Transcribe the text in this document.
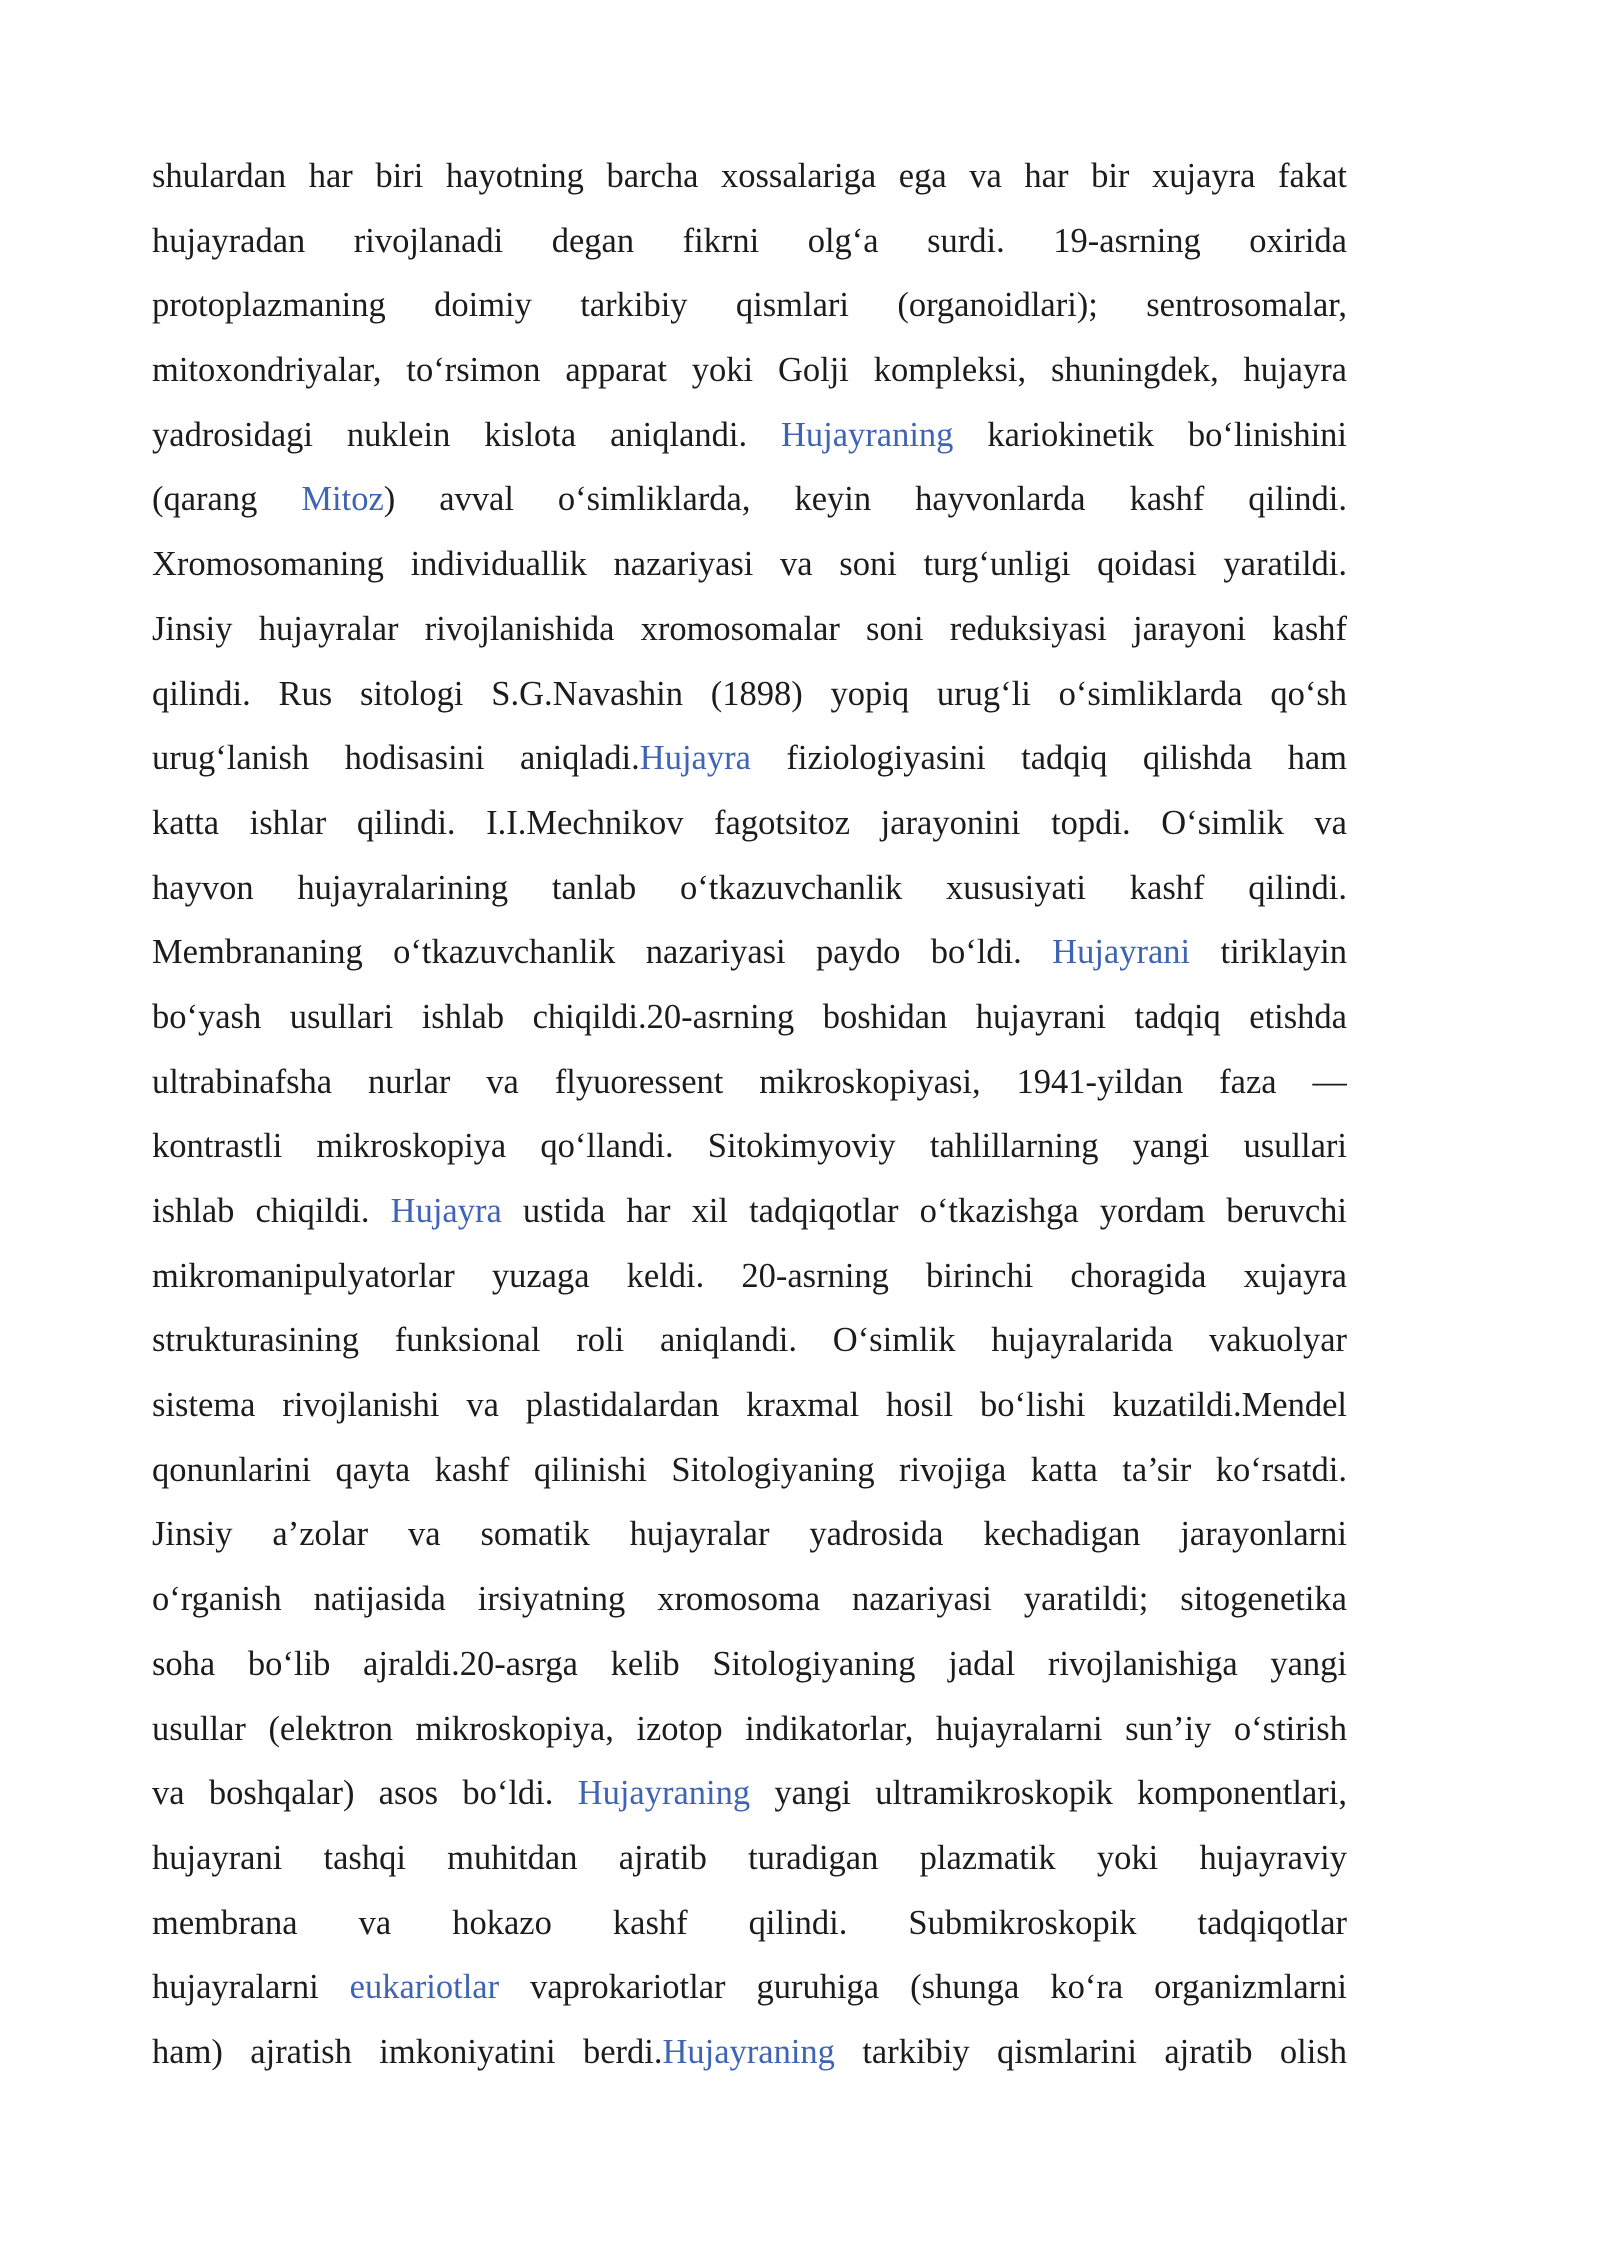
shulardan har biri hayotning barcha xossalariga ega va har bir xujayra fakat
hujayradan rivojlanadi degan fikrni olg‘a surdi. 19-asrning oxirida
protoplazmaning doimiy tarkibiy qismlari (organoidlari); sentrosomalar,
mitoxondriyalar, to‘rsimon apparat yoki Golji kompleksi, shuningdek, hujayra
yadrosidagi nuklein kislota aniqlandi. Hujayraning kariokinetik bo‘linishini
(qarang Mitoz) avval o‘simliklarda, keyin hayvonlarda kashf qilindi.
Xromosomaning individuallik nazariyasi va soni turg‘unligi qoidasi yaratildi.
Jinsiy hujayralar rivojlanishida xromosomalar soni reduksiyasi jarayoni kashf
qilindi. Rus sitologi S.G.Navashin (1898) yopiq urug‘li o‘simliklarda qo‘sh
urug‘lanish hodisasini aniqladi.Hujayra fiziologiyasini tadqiq qilishda ham
katta ishlar qilindi. I.I.Mechnikov fagotsitoz jarayonini topdi. O‘simlik va
hayvon hujayralarining tanlab o‘tkazuvchanlik xususiyati kashf qilindi.
Membrananing o‘tkazuvchanlik nazariyasi paydo bo‘ldi. Hujayrani tiriklayin
bo‘yash usullari ishlab chiqildi.20-asrning boshidan hujayrani tadqiq etishda
ultrabinafsha nurlar va flyuoressent mikroskopiyasi, 1941-yildan faza —
kontrastli mikroskopiya qo‘llandi. Sitokimyoviy tahlillarning yangi usullari
ishlab chiqildi. Hujayra ustida har xil tadqiqotlar o‘tkazishga yordam beruvchi
mikromanipulyatorlar yuzaga keldi. 20-asrning birinchi choragida xujayra
strukturasining funksional roli aniqlandi. O‘simlik hujayralarida vakuolyar
sistema rivojlanishi va plastidalardan kraxmal hosil bo‘lishi kuzatildi.Mendel
qonunlarini qayta kashf qilinishi Sitologiyaning rivojiga katta ta’sir ko‘rsatdi.
Jinsiy a’zolar va somatik hujayralar yadrosida kechadigan jarayonlarni
o‘rganish natijasida irsiyatning xromosoma nazariyasi yaratildi; sitogenetika
soha bo‘lib ajraldi.20-asrga kelib Sitologiyaning jadal rivojlanishiga yangi
usullar (elektron mikroskopiya, izotop indikatorlar, hujayralarni sun’iy o‘stirish
va boshqalar) asos bo‘ldi. Hujayraning yangi ultramikroskopik komponentlari,
hujayrani tashqi muhitdan ajratib turadigan plazmatik yoki hujayraviy
membrana va hokazo kashf qilindi. Submikroskopik tadqiqotlar
hujayralarni eukariotlar vaprokariotlar guruhiga (shunga ko‘ra organizmlarni
ham) ajratish imkoniyatini berdi.Hujayraning tarkibiy qismlarini ajratib olish
